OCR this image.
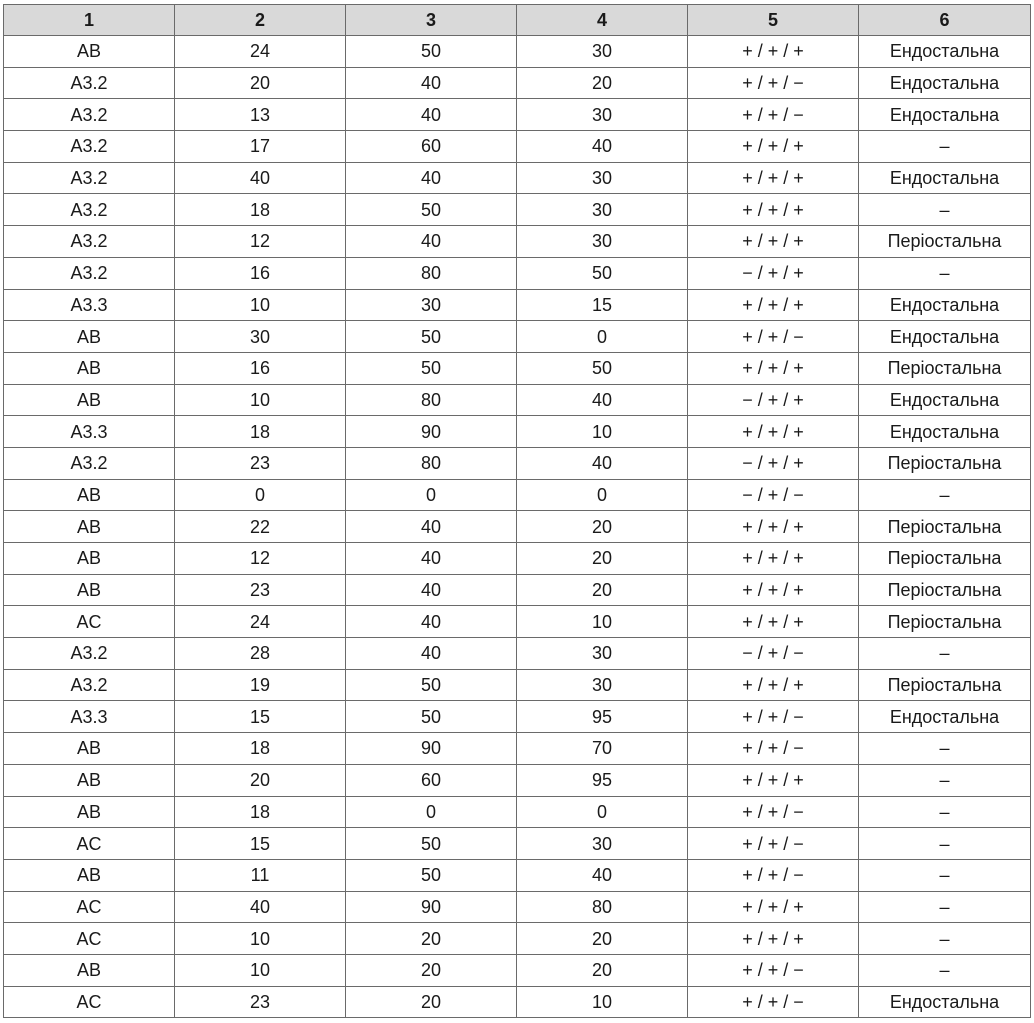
1	2	3	4	5	6
AB	24	50	30	+ / + / +	Ендостальна
A3.2	20	40	20	+ / + / −	Ендостальна
A3.2	13	40	30	+ / + / −	Ендостальна
A3.2	17	60	40	+ / + / +	–
A3.2	40	40	30	+ / + / +	Ендостальна
A3.2	18	50	30	+ / + / +	–
A3.2	12	40	30	+ / + / +	Періостальна
A3.2	16	80	50	− / + / +	–
A3.3	10	30	15	+ / + / +	Ендостальна
AB	30	50	0	+ / + / −	Ендостальна
AB	16	50	50	+ / + / +	Періостальна
AB	10	80	40	− / + / +	Ендостальна
A3.3	18	90	10	+ / + / +	Ендостальна
A3.2	23	80	40	− / + / +	Періостальна
AB	0	0	0	− / + / −	–
AB	22	40	20	+ / + / +	Періостальна
AB	12	40	20	+ / + / +	Періостальна
AB	23	40	20	+ / + / +	Періостальна
AC	24	40	10	+ / + / +	Періостальна
A3.2	28	40	30	− / + / −	–
A3.2	19	50	30	+ / + / +	Періостальна
A3.3	15	50	95	+ / + / −	Ендостальна
AB	18	90	70	+ / + / −	–
AB	20	60	95	+ / + / +	–
AB	18	0	0	+ / + / −	–
AC	15	50	30	+ / + / −	–
AB	11	50	40	+ / + / −	–
AC	40	90	80	+ / + / +	–
AC	10	20	20	+ / + / +	–
AB	10	20	20	+ / + / −	–
AC	23	20	10	+ / + / −	Ендостальна
